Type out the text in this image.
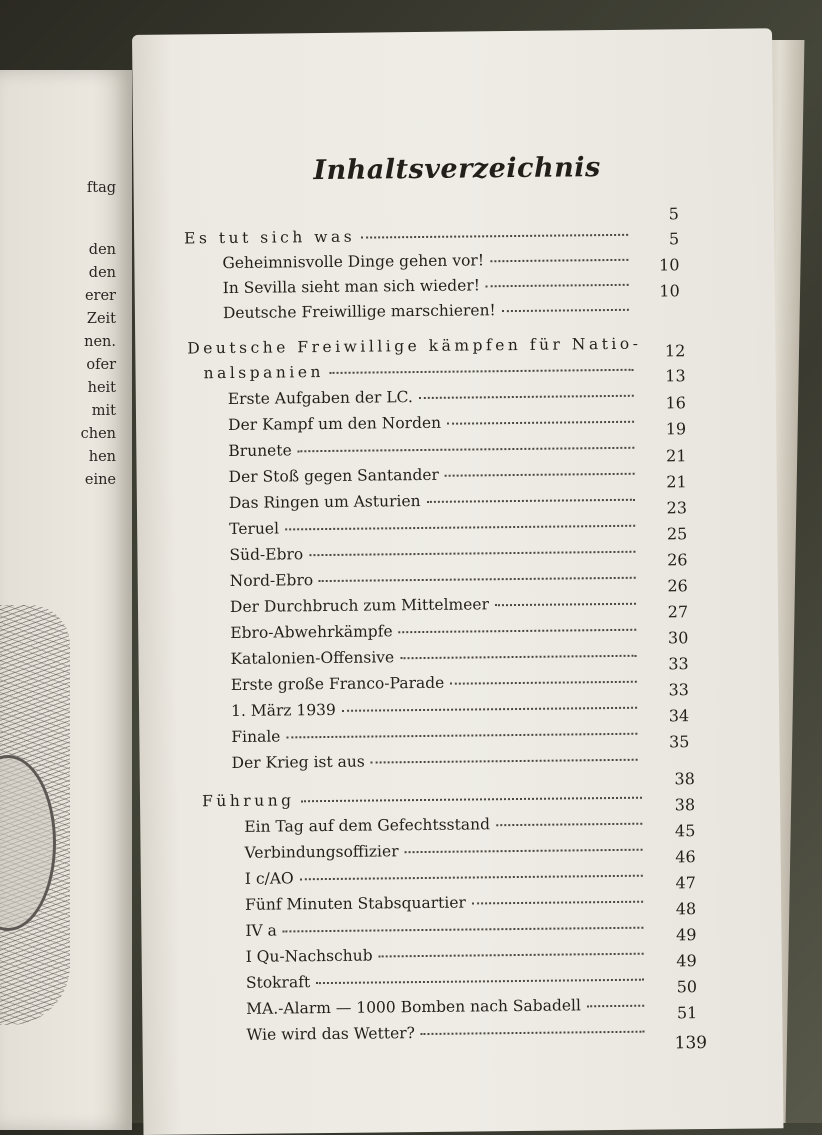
ftag
den
den
erer
Zeit
nen.
ofer
heit
mit
chen
hen
eine
Inhaltsverzeichnis
Es tut sich was
Geheimnisvolle Dinge gehen vor!
In Sevilla sieht man sich wieder!
Deutsche Freiwillige marschieren!
5
5
10
10
Deutsche Freiwillige kämpfen für Natio-
nalspanien
Erste Aufgaben der LC.
Der Kampf um den Norden
Brunete
Der Stoß gegen Santander
Das Ringen um Asturien
Teruel
Süd-Ebro
Nord-Ebro
Der Durchbruch zum Mittelmeer
Ebro-Abwehrkämpfe
Katalonien-Offensive
Erste große Franco-Parade
1. März 1939
Finale
Der Krieg ist aus
12
13
16
19
21
21
23
25
26
26
27
30
33
33
34
35
Führung
Ein Tag auf dem Gefechtsstand
Verbindungsoffizier
I c/AO
Fünf Minuten Stabsquartier
IV a
I Qu-Nachschub
Stokraft
MA.-Alarm — 1000 Bomben nach Sabadell
Wie wird das Wetter?
38
38
45
46
47
48
49
49
50
51
139
